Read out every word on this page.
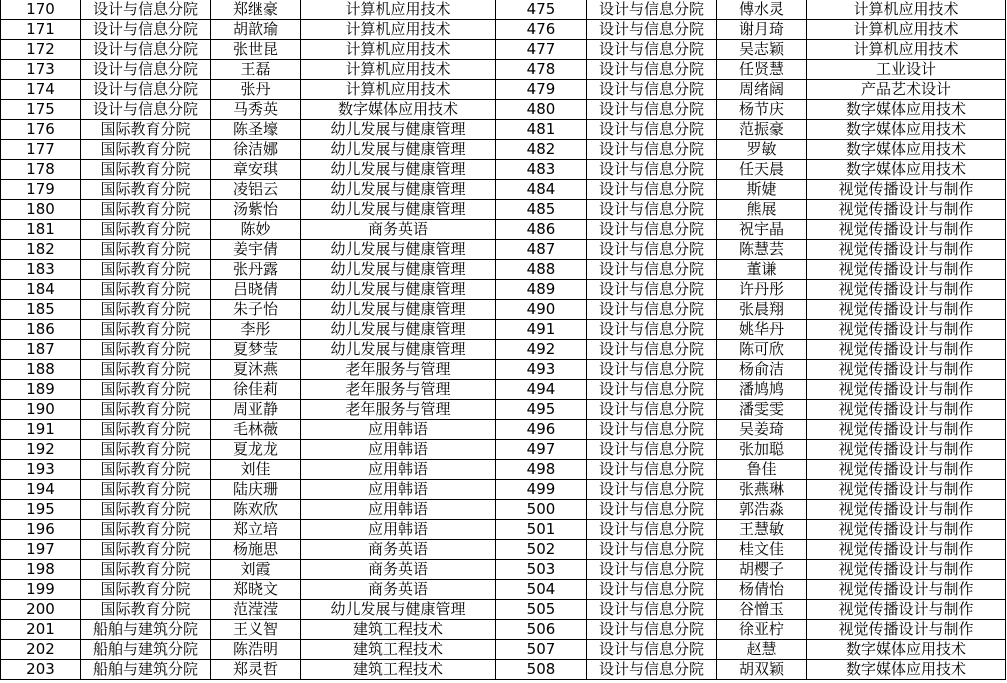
170	设计与信息分院	郑继豪	计算机应用技术	475	设计与信息分院	傅水灵	计算机应用技术
171	设计与信息分院	胡歆瑜	计算机应用技术	476	设计与信息分院	谢月琦	计算机应用技术
172	设计与信息分院	张世昆	计算机应用技术	477	设计与信息分院	吴志颖	计算机应用技术
173	设计与信息分院	王磊	计算机应用技术	478	设计与信息分院	任贤慧	工业设计
174	设计与信息分院	张丹	计算机应用技术	479	设计与信息分院	周绪阔	产品艺术设计
175	设计与信息分院	马秀英	数字媒体应用技术	480	设计与信息分院	杨节庆	数字媒体应用技术
176	国际教育分院	陈圣壕	幼儿发展与健康管理	481	设计与信息分院	范振豪	数字媒体应用技术
177	国际教育分院	徐洁娜	幼儿发展与健康管理	482	设计与信息分院	罗敏	数字媒体应用技术
178	国际教育分院	章安琪	幼儿发展与健康管理	483	设计与信息分院	任天晨	数字媒体应用技术
179	国际教育分院	凌铝云	幼儿发展与健康管理	484	设计与信息分院	斯婕	视觉传播设计与制作
180	国际教育分院	汤紫怡	幼儿发展与健康管理	485	设计与信息分院	熊展	视觉传播设计与制作
181	国际教育分院	陈妙	商务英语	486	设计与信息分院	祝宇晶	视觉传播设计与制作
182	国际教育分院	姜宇倩	幼儿发展与健康管理	487	设计与信息分院	陈慧芸	视觉传播设计与制作
183	国际教育分院	张丹露	幼儿发展与健康管理	488	设计与信息分院	董谦	视觉传播设计与制作
184	国际教育分院	吕晓倩	幼儿发展与健康管理	489	设计与信息分院	许丹彤	视觉传播设计与制作
185	国际教育分院	朱子怡	幼儿发展与健康管理	490	设计与信息分院	张晨翔	视觉传播设计与制作
186	国际教育分院	李彤	幼儿发展与健康管理	491	设计与信息分院	姚华丹	视觉传播设计与制作
187	国际教育分院	夏梦莹	幼儿发展与健康管理	492	设计与信息分院	陈可欣	视觉传播设计与制作
188	国际教育分院	夏沐燕	老年服务与管理	493	设计与信息分院	杨俞洁	视觉传播设计与制作
189	国际教育分院	徐佳莉	老年服务与管理	494	设计与信息分院	潘鸠鸠	视觉传播设计与制作
190	国际教育分院	周亚静	老年服务与管理	495	设计与信息分院	潘雯雯	视觉传播设计与制作
191	国际教育分院	毛林薇	应用韩语	496	设计与信息分院	吴姜琦	视觉传播设计与制作
192	国际教育分院	夏龙龙	应用韩语	497	设计与信息分院	张加聪	视觉传播设计与制作
193	国际教育分院	刘佳	应用韩语	498	设计与信息分院	鲁佳	视觉传播设计与制作
194	国际教育分院	陆庆珊	应用韩语	499	设计与信息分院	张燕琳	视觉传播设计与制作
195	国际教育分院	陈欢欣	应用韩语	500	设计与信息分院	郭浩淼	视觉传播设计与制作
196	国际教育分院	郑立培	应用韩语	501	设计与信息分院	王慧敏	视觉传播设计与制作
197	国际教育分院	杨施思	商务英语	502	设计与信息分院	桂文佳	视觉传播设计与制作
198	国际教育分院	刘霞	商务英语	503	设计与信息分院	胡樱子	视觉传播设计与制作
199	国际教育分院	郑晓文	商务英语	504	设计与信息分院	杨倩怡	视觉传播设计与制作
200	国际教育分院	范滢滢	幼儿发展与健康管理	505	设计与信息分院	谷憎玉	视觉传播设计与制作
201	船舶与建筑分院	王义智	建筑工程技术	506	设计与信息分院	徐亚柠	视觉传播设计与制作
202	船舶与建筑分院	陈浩明	建筑工程技术	507	设计与信息分院	赵慧	数字媒体应用技术
203	船舶与建筑分院	郑灵哲	建筑工程技术	508	设计与信息分院	胡双颖	数字媒体应用技术
